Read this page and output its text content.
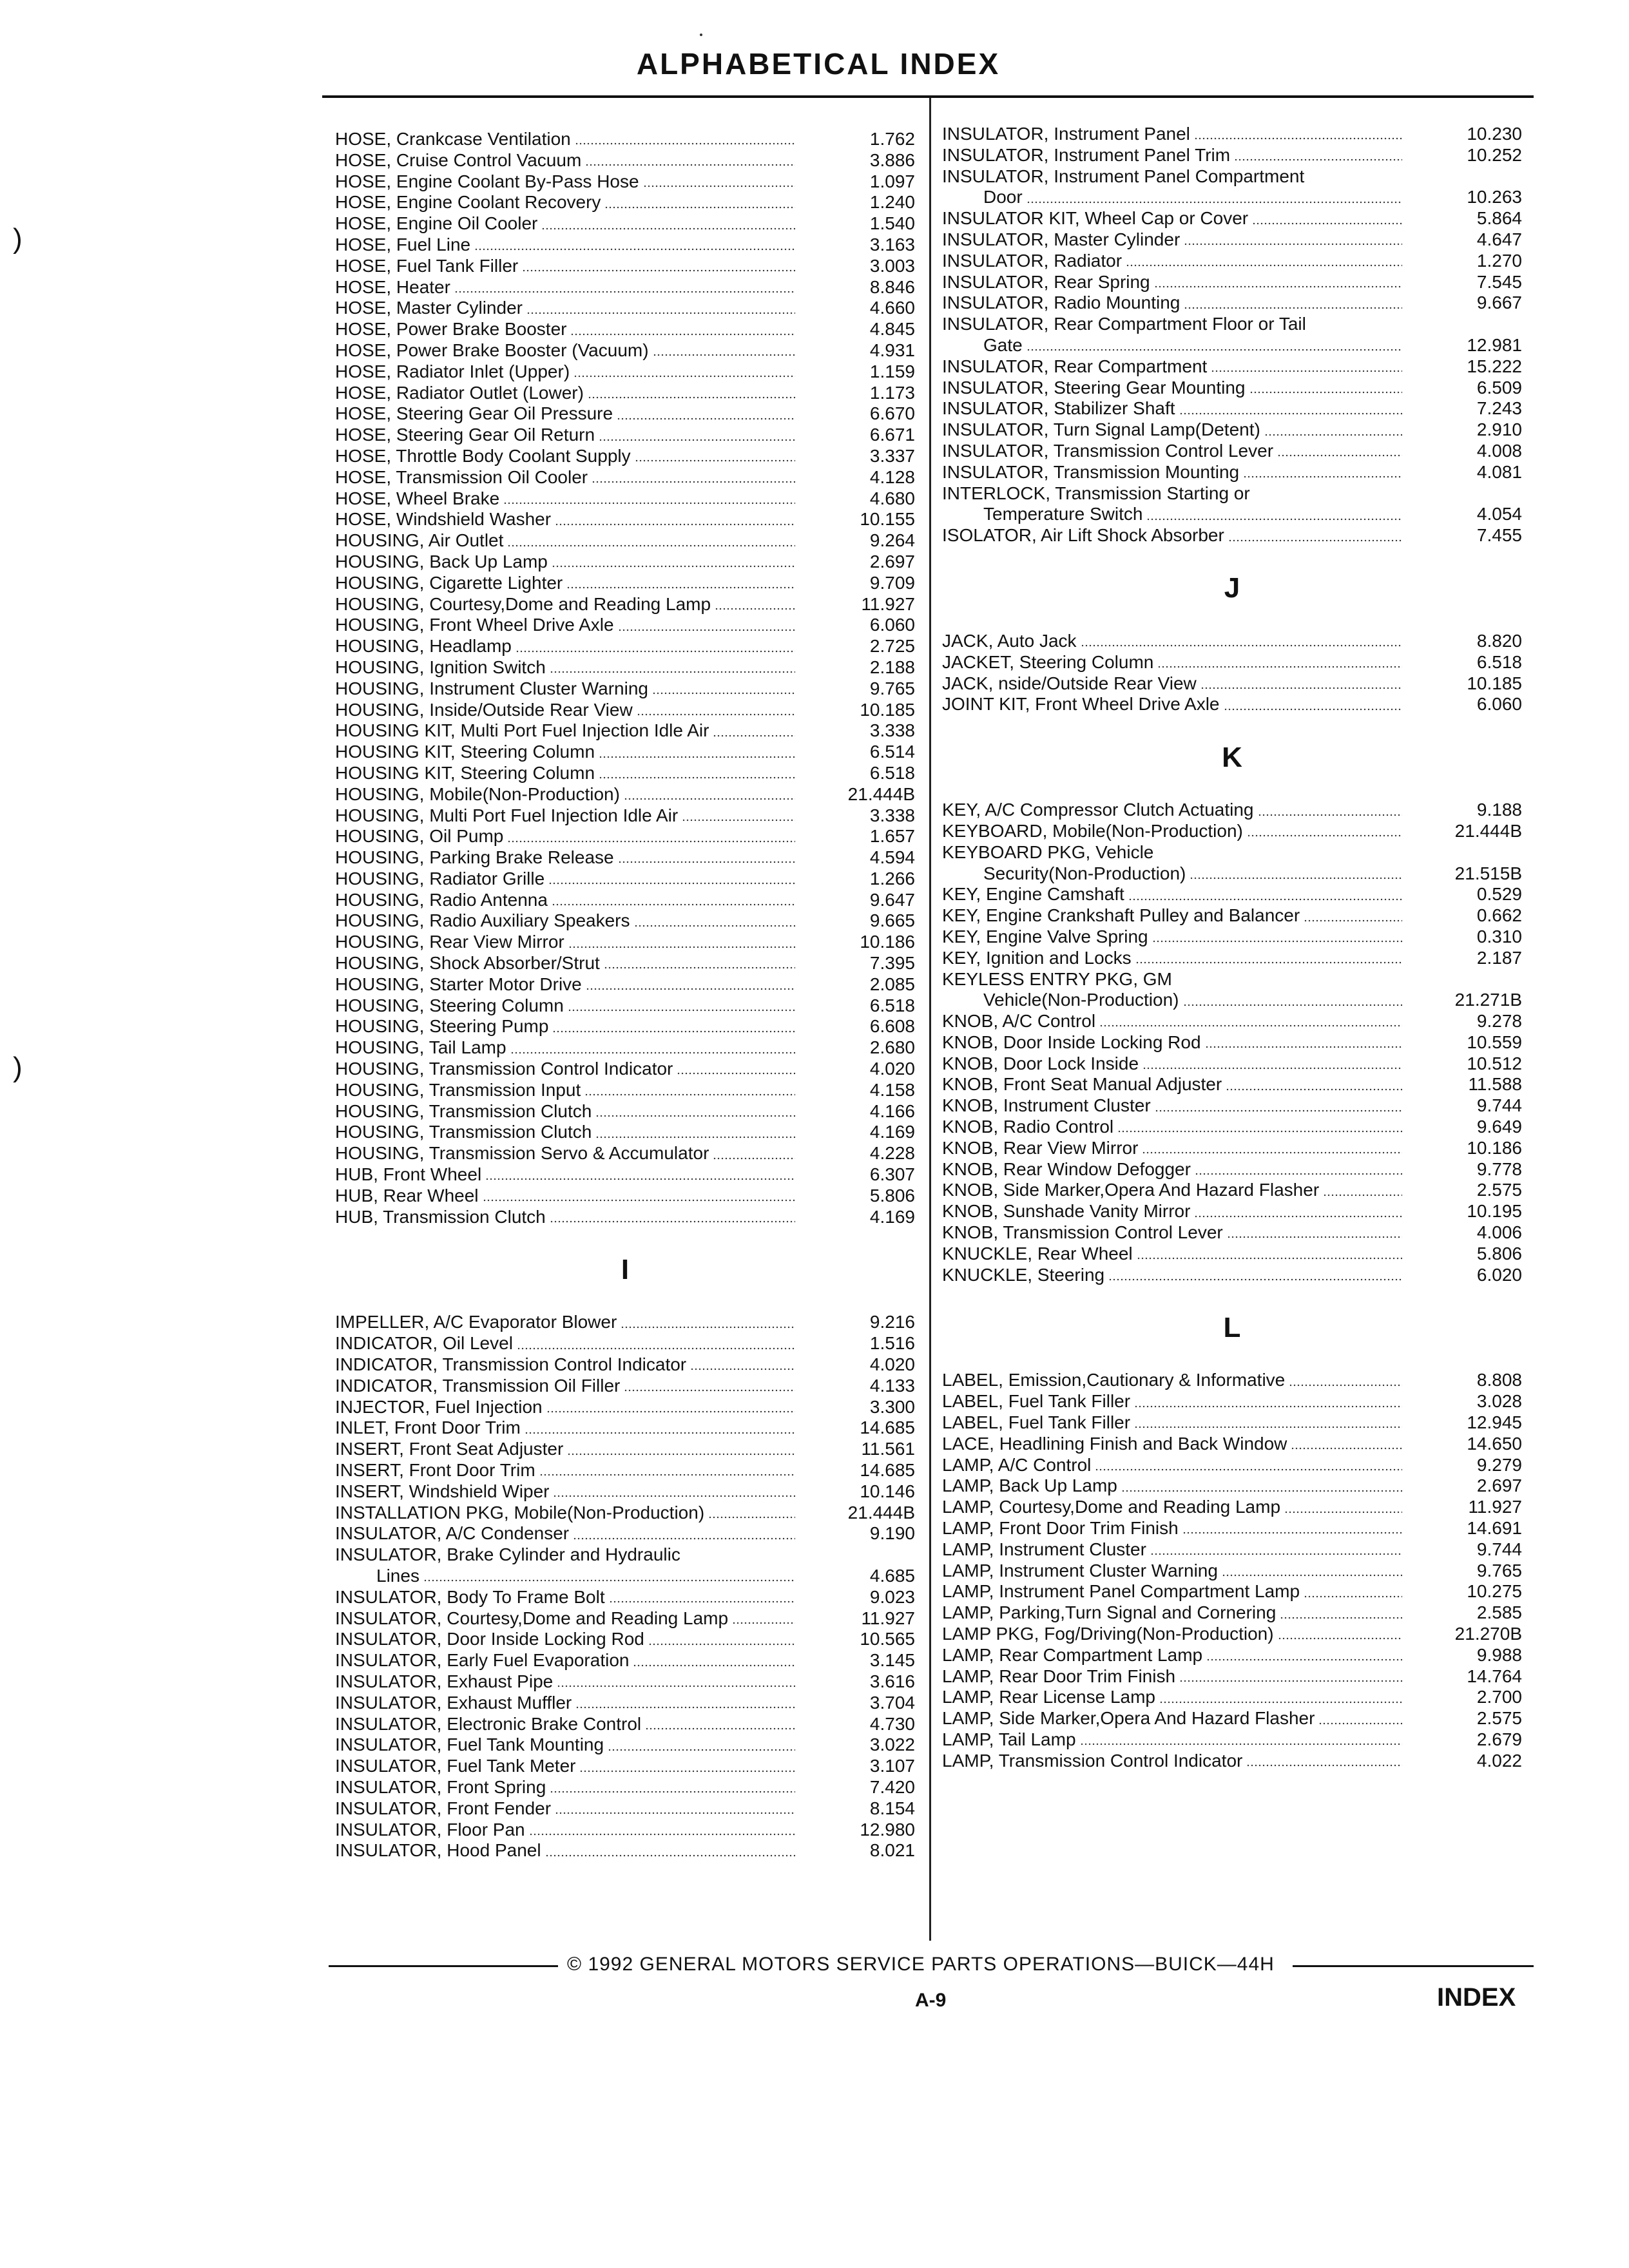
ALPHABETICAL INDEX
)
)
HOSE, Crankcase Ventilation	1.762
HOSE, Cruise Control Vacuum	3.886
HOSE, Engine Coolant By-Pass Hose	1.097
HOSE, Engine Coolant Recovery	1.240
HOSE, Engine Oil Cooler	1.540
HOSE, Fuel Line	3.163
HOSE, Fuel Tank Filler	3.003
HOSE, Heater	8.846
HOSE, Master Cylinder	4.660
HOSE, Power Brake Booster	4.845
HOSE, Power Brake Booster (Vacuum)	4.931
HOSE, Radiator Inlet (Upper)	1.159
HOSE, Radiator Outlet (Lower)	1.173
HOSE, Steering Gear Oil Pressure	6.670
HOSE, Steering Gear Oil Return	6.671
HOSE, Throttle Body Coolant Supply	3.337
HOSE, Transmission Oil Cooler	4.128
HOSE, Wheel Brake	4.680
HOSE, Windshield Washer	10.155
HOUSING, Air Outlet	9.264
HOUSING, Back Up Lamp	2.697
HOUSING, Cigarette Lighter	9.709
HOUSING, Courtesy,Dome and Reading Lamp	11.927
HOUSING, Front Wheel Drive Axle	6.060
HOUSING, Headlamp	2.725
HOUSING, Ignition Switch	2.188
HOUSING, Instrument Cluster Warning	9.765
HOUSING, Inside/Outside Rear View	10.185
HOUSING KIT, Multi Port Fuel Injection Idle Air	3.338
HOUSING KIT, Steering Column	6.514
HOUSING KIT, Steering Column	6.518
HOUSING, Mobile(Non-Production)	21.444B
HOUSING, Multi Port Fuel Injection Idle Air	3.338
HOUSING, Oil Pump	1.657
HOUSING, Parking Brake Release	4.594
HOUSING, Radiator Grille	1.266
HOUSING, Radio Antenna	9.647
HOUSING, Radio Auxiliary Speakers	9.665
HOUSING, Rear View Mirror	10.186
HOUSING, Shock Absorber/Strut	7.395
HOUSING, Starter Motor Drive	2.085
HOUSING, Steering Column	6.518
HOUSING, Steering Pump	6.608
HOUSING, Tail Lamp	2.680
HOUSING, Transmission Control Indicator	4.020
HOUSING, Transmission Input	4.158
HOUSING, Transmission Clutch	4.166
HOUSING, Transmission Clutch	4.169
HOUSING, Transmission Servo & Accumulator	4.228
HUB, Front Wheel	6.307
HUB, Rear Wheel	5.806
HUB, Transmission Clutch	4.169
I
IMPELLER, A/C Evaporator Blower	9.216
INDICATOR, Oil Level	1.516
INDICATOR, Transmission Control Indicator	4.020
INDICATOR, Transmission Oil Filler	4.133
INJECTOR, Fuel Injection	3.300
INLET, Front Door Trim	14.685
INSERT, Front Seat Adjuster	11.561
INSERT, Front Door Trim	14.685
INSERT, Windshield Wiper	10.146
INSTALLATION PKG, Mobile(Non-Production)	21.444B
INSULATOR, A/C Condenser	9.190
INSULATOR, Brake Cylinder and Hydraulic
Lines	4.685
INSULATOR, Body To Frame Bolt	9.023
INSULATOR, Courtesy,Dome and Reading Lamp	11.927
INSULATOR, Door Inside Locking Rod	10.565
INSULATOR, Early Fuel Evaporation	3.145
INSULATOR, Exhaust Pipe	3.616
INSULATOR, Exhaust Muffler	3.704
INSULATOR, Electronic Brake Control	4.730
INSULATOR, Fuel Tank Mounting	3.022
INSULATOR, Fuel Tank Meter	3.107
INSULATOR, Front Spring	7.420
INSULATOR, Front Fender	8.154
INSULATOR, Floor Pan	12.980
INSULATOR, Hood Panel	8.021
INSULATOR, Instrument Panel	10.230
INSULATOR, Instrument Panel Trim	10.252
INSULATOR, Instrument Panel Compartment
Door	10.263
INSULATOR KIT, Wheel Cap or Cover	5.864
INSULATOR, Master Cylinder	4.647
INSULATOR, Radiator	1.270
INSULATOR, Rear Spring	7.545
INSULATOR, Radio Mounting	9.667
INSULATOR, Rear Compartment Floor or Tail
Gate	12.981
INSULATOR, Rear Compartment	15.222
INSULATOR, Steering Gear Mounting	6.509
INSULATOR, Stabilizer Shaft	7.243
INSULATOR, Turn Signal Lamp(Detent)	2.910
INSULATOR, Transmission Control Lever	4.008
INSULATOR, Transmission Mounting	4.081
INTERLOCK, Transmission Starting or
Temperature Switch	4.054
ISOLATOR, Air Lift Shock Absorber	7.455
J
JACK, Auto Jack	8.820
JACKET, Steering Column	6.518
JACK, nside/Outside Rear View	10.185
JOINT KIT, Front Wheel Drive Axle	6.060
K
KEY, A/C Compressor Clutch Actuating	9.188
KEYBOARD, Mobile(Non-Production)	21.444B
KEYBOARD PKG, Vehicle
Security(Non-Production)	21.515B
KEY, Engine Camshaft	0.529
KEY, Engine Crankshaft Pulley and Balancer	0.662
KEY, Engine Valve Spring	0.310
KEY, Ignition and Locks	2.187
KEYLESS ENTRY PKG, GM
Vehicle(Non-Production)	21.271B
KNOB, A/C Control	9.278
KNOB, Door Inside Locking Rod	10.559
KNOB, Door Lock Inside	10.512
KNOB, Front Seat Manual Adjuster	11.588
KNOB, Instrument Cluster	9.744
KNOB, Radio Control	9.649
KNOB, Rear View Mirror	10.186
KNOB, Rear Window Defogger	9.778
KNOB, Side Marker,Opera And Hazard Flasher	2.575
KNOB, Sunshade Vanity Mirror	10.195
KNOB, Transmission Control Lever	4.006
KNUCKLE, Rear Wheel	5.806
KNUCKLE, Steering	6.020
L
LABEL, Emission,Cautionary & Informative	8.808
LABEL, Fuel Tank Filler	3.028
LABEL, Fuel Tank Filler	12.945
LACE, Headlining Finish and Back Window	14.650
LAMP, A/C Control	9.279
LAMP, Back Up Lamp	2.697
LAMP, Courtesy,Dome and Reading Lamp	11.927
LAMP, Front Door Trim Finish	14.691
LAMP, Instrument Cluster	9.744
LAMP, Instrument Cluster Warning	9.765
LAMP, Instrument Panel Compartment Lamp	10.275
LAMP, Parking,Turn Signal and Cornering	2.585
LAMP PKG, Fog/Driving(Non-Production)	21.270B
LAMP, Rear Compartment Lamp	9.988
LAMP, Rear Door Trim Finish	14.764
LAMP, Rear License Lamp	2.700
LAMP, Side Marker,Opera And Hazard Flasher	2.575
LAMP, Tail Lamp	2.679
LAMP, Transmission Control Indicator	4.022
© 1992 GENERAL MOTORS SERVICE PARTS OPERATIONS—BUICK—44H
A-9	INDEX
